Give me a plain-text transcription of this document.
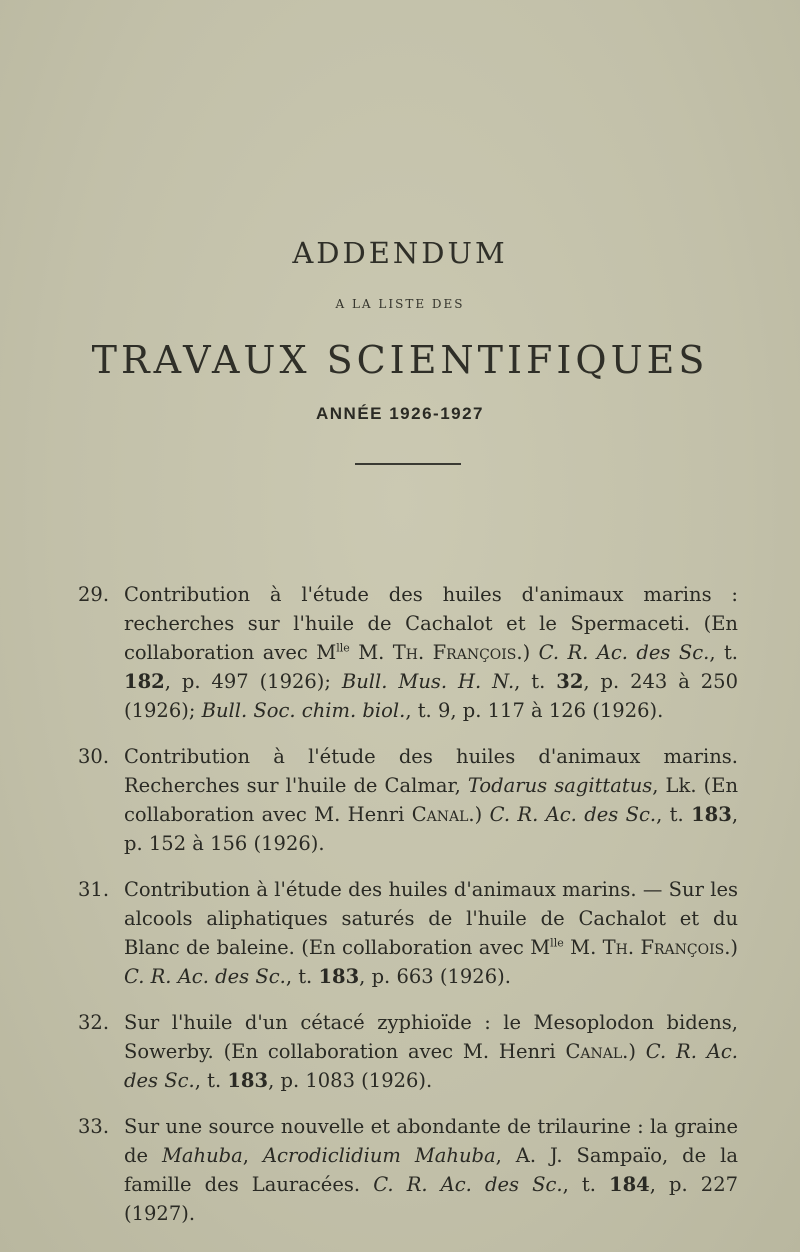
ADDENDUM
A LA LISTE DES
TRAVAUX SCIENTIFIQUES
ANNÉE 1926-1927
29. Contribution à l'étude des huiles d'animaux marins : recherches sur l'huile de Cachalot et le Spermaceti. (En collaboration avec $M^{lle}$ M. Th. François.) C. R. Ac. des Sc., t. 182, p. 497 (1926); Bull. Mus. H. N., t. 32, p. 243 à 250 (1926); Bull. Soc. chim. biol., t. 9, p. 117 à 126 (1926).
30. Contribution à l'étude des huiles d'animaux marins. Recherches sur l'huile de Calmar, Todarus sagittatus, Lk. (En collaboration avec M. Henri Canal.) C. R. Ac. des Sc., t. 183, p. 152 à 156 (1926).
31. Contribution à l'étude des huiles d'animaux marins. — Sur les alcools aliphatiques saturés de l'huile de Cachalot et du Blanc de baleine. (En collaboration avec $M^{lle}$ M. Th. François.) C. R. Ac. des Sc., t. 183, p. 663 (1926).
32. Sur l'huile d'un cétacé zyphioïde : le Mesoplodon bidens, Sowerby. (En collaboration avec M. Henri Canal.) C. R. Ac. des Sc., t. 183, p. 1083 (1926).
33. Sur une source nouvelle et abondante de trilaurine : la graine de Mahuba, Acrodiclidium Mahuba, A. J. Sampaïo, de la famille des Lauracées. C. R. Ac. des Sc., t. 184, p. 227 (1927).
